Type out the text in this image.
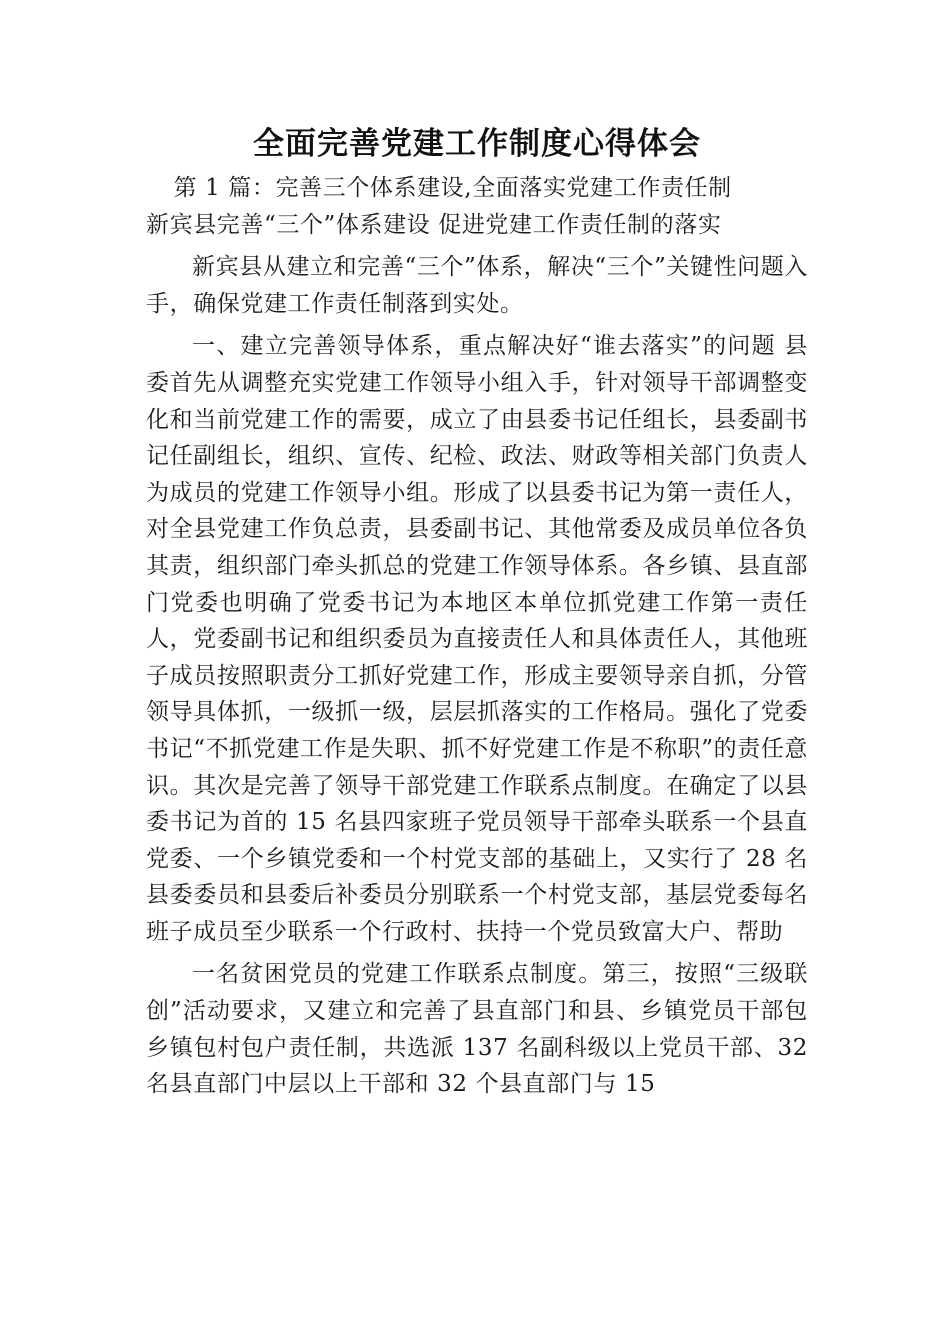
全面完善党建工作制度心得体会

第 1 篇：完善三个体系建设,全面落实党建工作责任制

新宾县完善“三个”体系建设 促进党建工作责任制的落实

新宾县从建立和完善“三个”体系，解决“三个”关键性问题入手，确保党建工作责任制落到实处。

一、建立完善领导体系，重点解决好“谁去落实”的问题 县委首先从调整充实党建工作领导小组入手，针对领导干部调整变化和当前党建工作的需要，成立了由县委书记任组长，县委副书记任副组长，组织、宣传、纪检、政法、财政等相关部门负责人为成员的党建工作领导小组。形成了以县委书记为第一责任人，对全县党建工作负总责，县委副书记、其他常委及成员单位各负其责，组织部门牵头抓总的党建工作领导体系。各乡镇、县直部门党委也明确了党委书记为本地区本单位抓党建工作第一责任人，党委副书记和组织委员为直接责任人和具体责任人，其他班子成员按照职责分工抓好党建工作，形成主要领导亲自抓，分管领导具体抓，一级抓一级，层层抓落实的工作格局。强化了党委书记“不抓党建工作是失职、抓不好党建工作是不称职”的责任意识。其次是完善了领导干部党建工作联系点制度。在确定了以县委书记为首的 15 名县四家班子党员领导干部牵头联系一个县直党委、一个乡镇党委和一个村党支部的基础上，又实行了 28 名县委委员和县委后补委员分别联系一个村党支部，基层党委每名班子成员至少联系一个行政村、扶持一个党员致富大户、帮助

一名贫困党员的党建工作联系点制度。第三，按照“三级联创”活动要求，又建立和完善了县直部门和县、乡镇党员干部包乡镇包村包户责任制，共选派 137 名副科级以上党员干部、32 名县直部门中层以上干部和 32 个县直部门与 15
